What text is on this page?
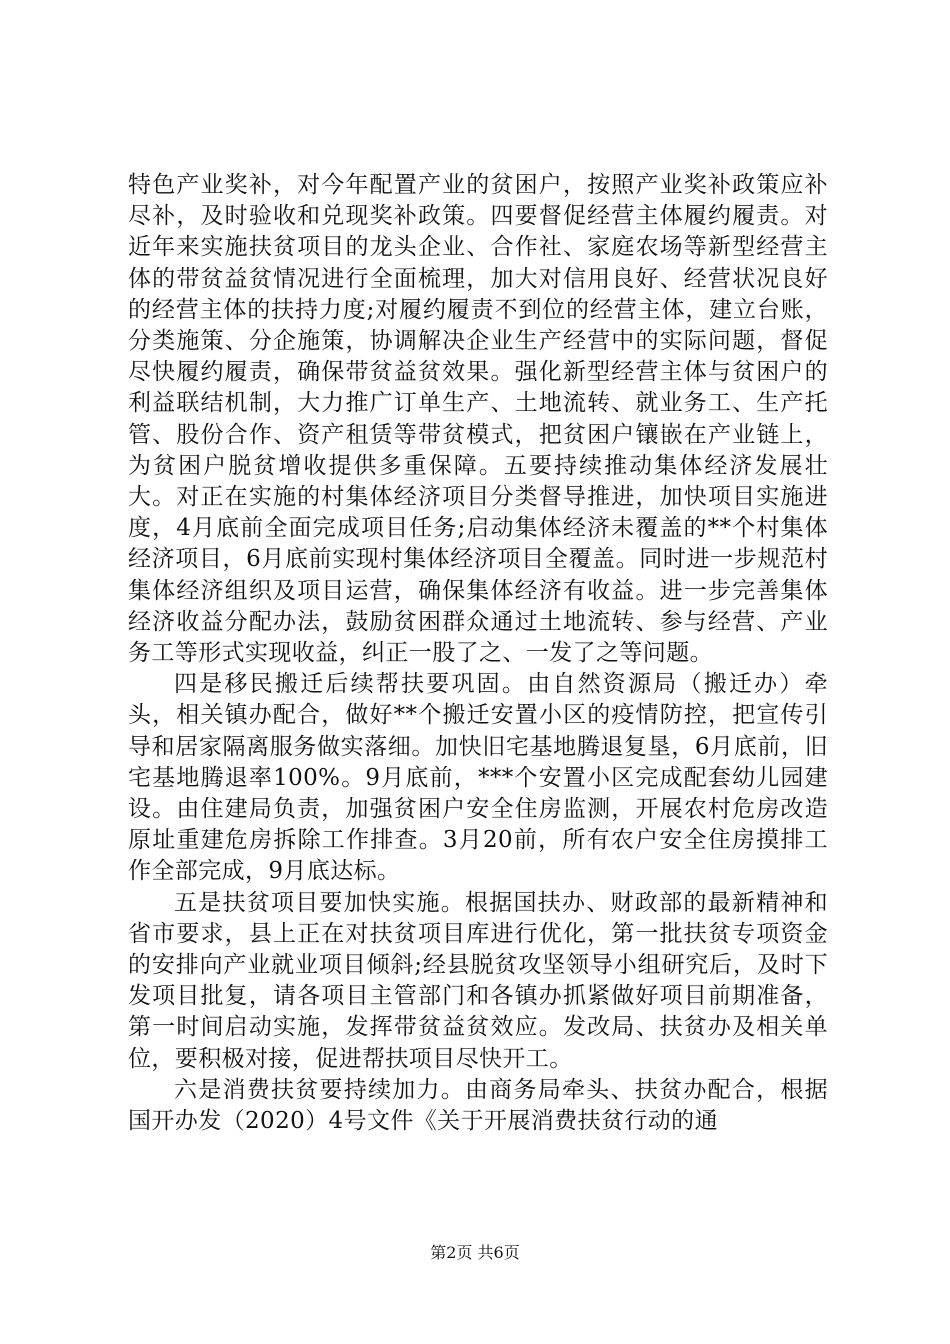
特色产业奖补，对今年配置产业的贫困户，按照产业奖补政策应补尽补，及时验收和兑现奖补政策。四要督促经营主体履约履责。对近年来实施扶贫项目的龙头企业、合作社、家庭农场等新型经营主体的带贫益贫情况进行全面梳理，加大对信用良好、经营状况良好的经营主体的扶持力度;对履约履责不到位的经营主体，建立台账，分类施策、分企施策，协调解决企业生产经营中的实际问题，督促尽快履约履责，确保带贫益贫效果。强化新型经营主体与贫困户的利益联结机制，大力推广订单生产、土地流转、就业务工、生产托管、股份合作、资产租赁等带贫模式，把贫困户镶嵌在产业链上，为贫困户脱贫增收提供多重保障。五要持续推动集体经济发展壮大。对正在实施的村集体经济项目分类督导推进，加快项目实施进度，4月底前全面完成项目任务;启动集体经济未覆盖的**个村集体经济项目，6月底前实现村集体经济项目全覆盖。同时进一步规范村集体经济组织及项目运营，确保集体经济有收益。进一步完善集体经济收益分配办法，鼓励贫困群众通过土地流转、参与经营、产业务工等形式实现收益，纠正一股了之、一发了之等问题。

四是移民搬迁后续帮扶要巩固。由自然资源局（搬迁办）牵头，相关镇办配合，做好**个搬迁安置小区的疫情防控，把宣传引导和居家隔离服务做实落细。加快旧宅基地腾退复垦，6月底前，旧宅基地腾退率100%。9月底前，***个安置小区完成配套幼儿园建设。由住建局负责，加强贫困户安全住房监测，开展农村危房改造原址重建危房拆除工作排查。3月20前，所有农户安全住房摸排工作全部完成，9月底达标。

五是扶贫项目要加快实施。根据国扶办、财政部的最新精神和省市要求，县上正在对扶贫项目库进行优化，第一批扶贫专项资金的安排向产业就业项目倾斜;经县脱贫攻坚领导小组研究后，及时下发项目批复，请各项目主管部门和各镇办抓紧做好项目前期准备，第一时间启动实施，发挥带贫益贫效应。发改局、扶贫办及相关单位，要积极对接，促进帮扶项目尽快开工。

六是消费扶贫要持续加力。由商务局牵头、扶贫办配合，根据国开办发（2020）4号文件《关于开展消费扶贫行动的通

第2页 共6页
